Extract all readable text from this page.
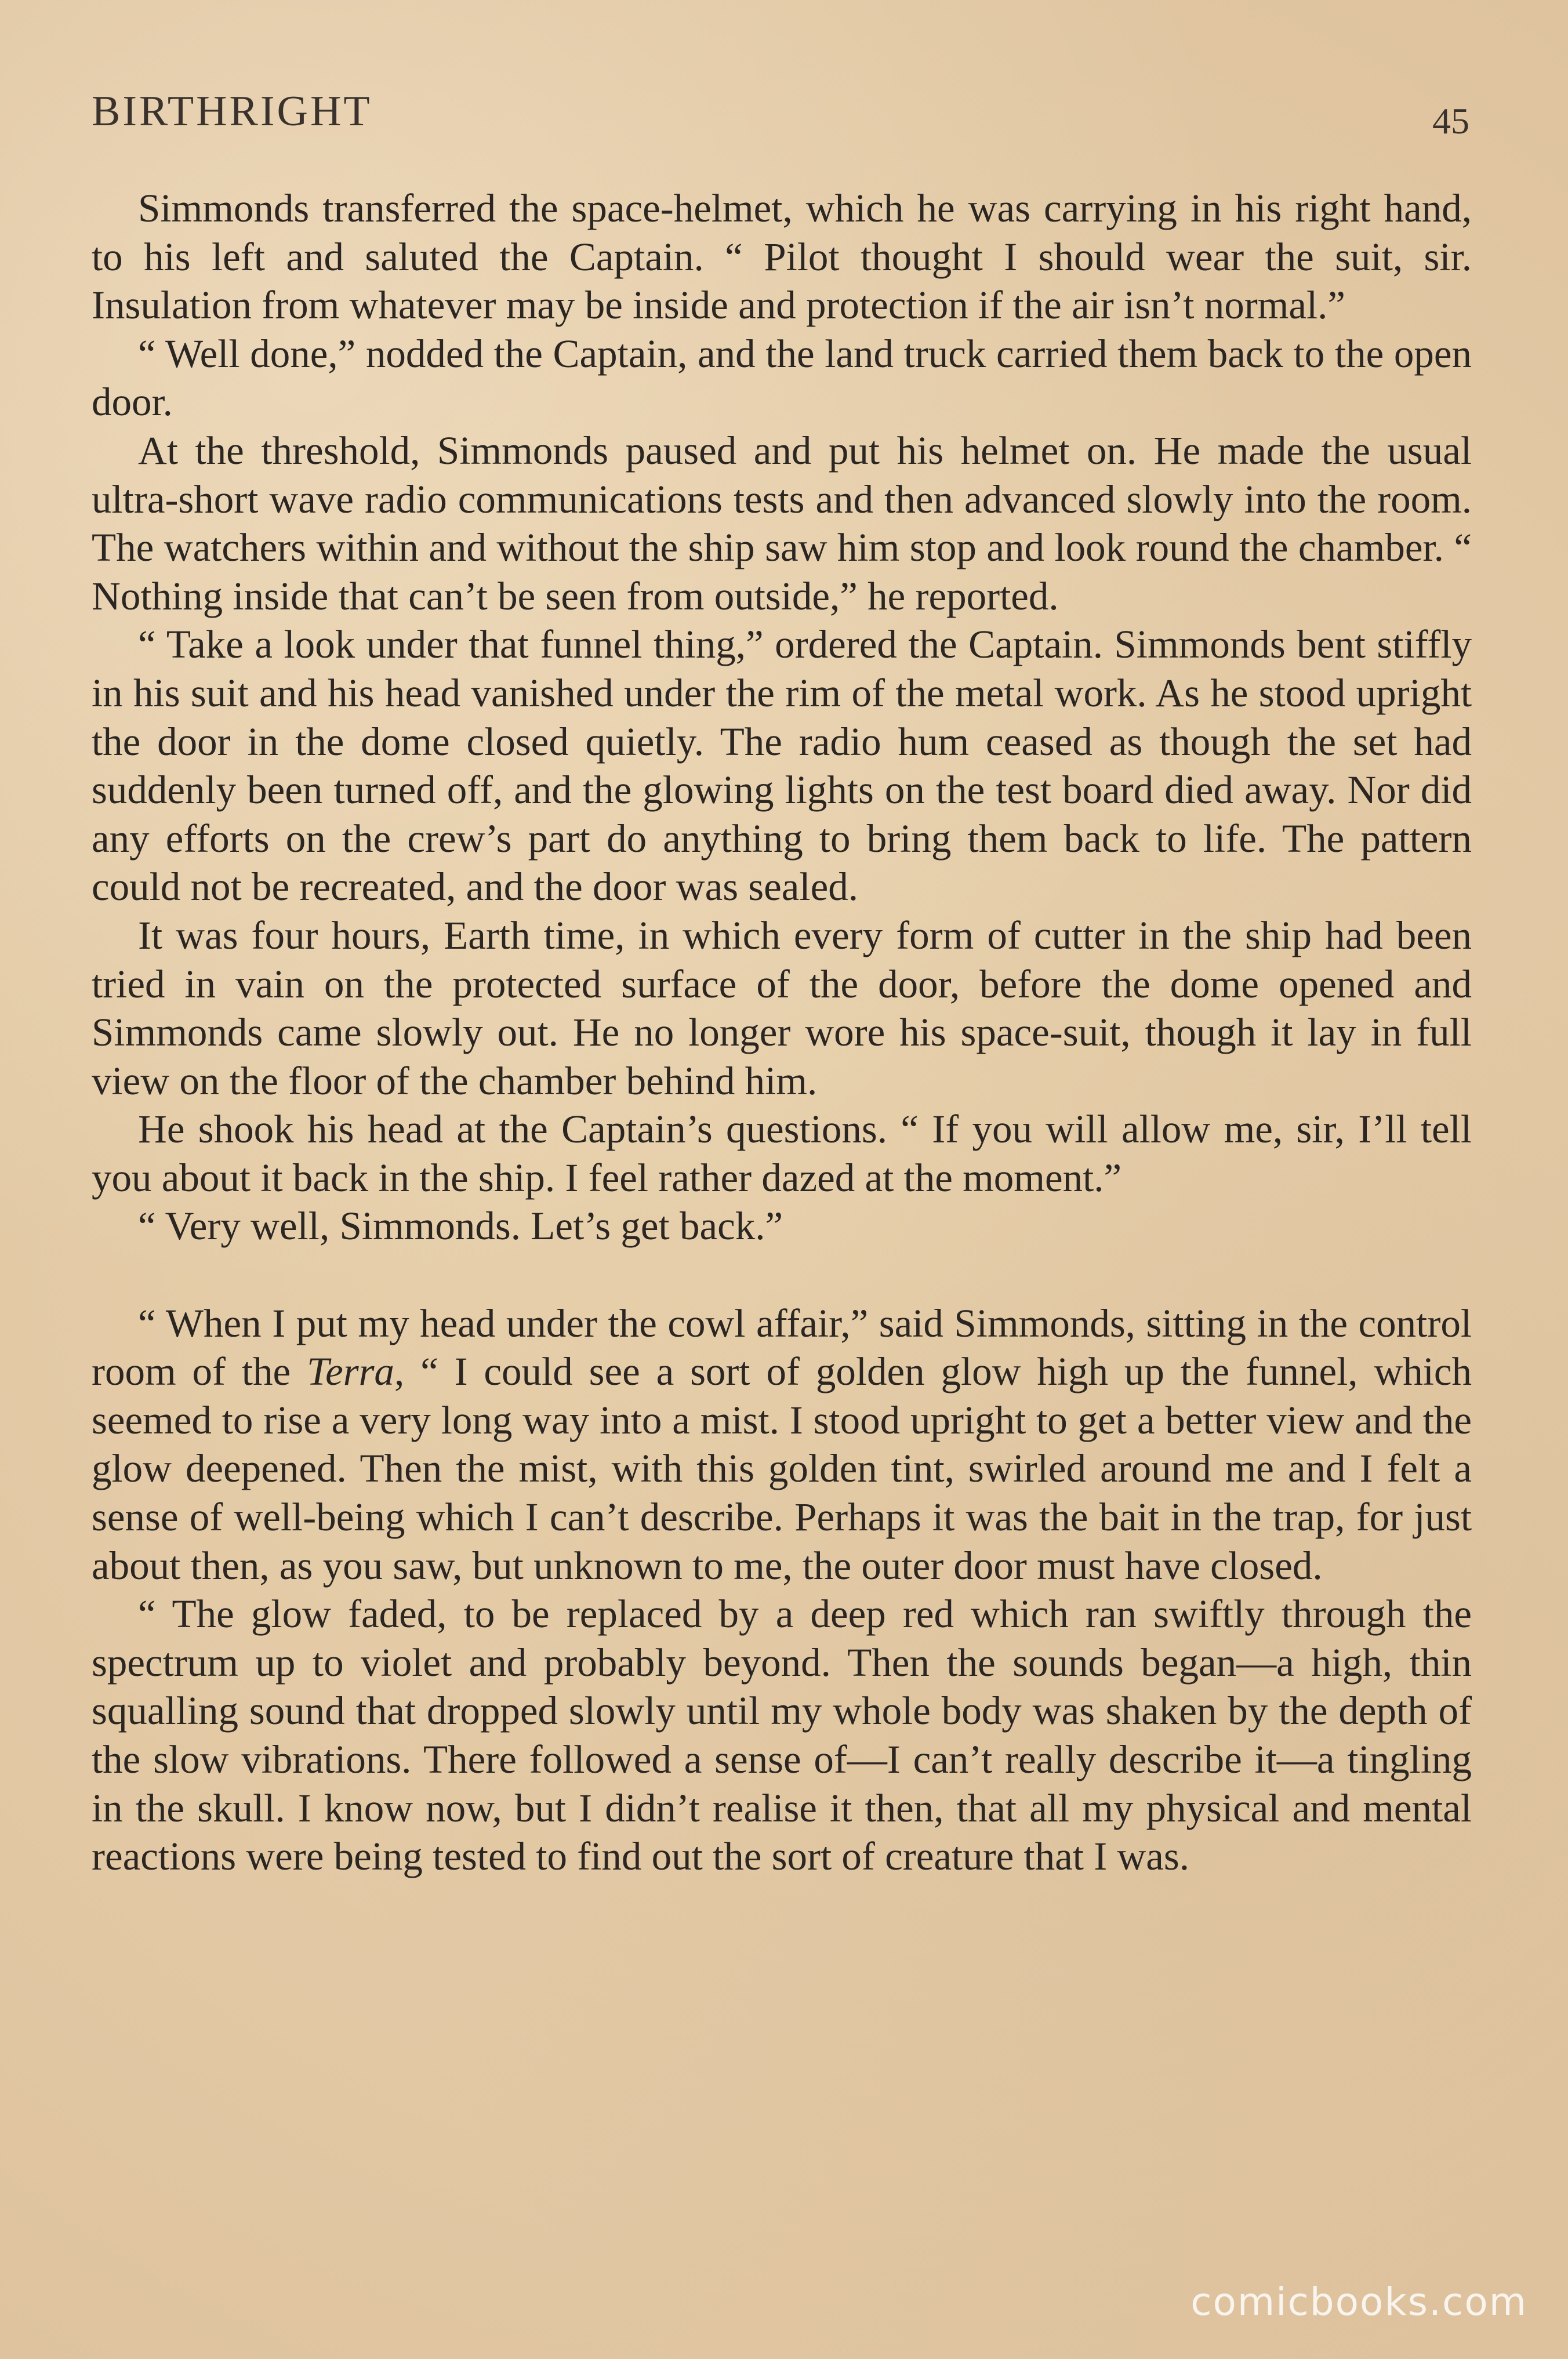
BIRTHRIGHT	45

Simmonds transferred the space-helmet, which he was carrying in his right hand, to his left and saluted the Captain. “ Pilot thought I should wear the suit, sir. Insulation from whatever may be inside and protection if the air isn’t normal.”

“ Well done,” nodded the Captain, and the land truck carried them back to the open door.

At the threshold, Simmonds paused and put his helmet on. He made the usual ultra-short wave radio communications tests and then advanced slowly into the room. The watchers within and without the ship saw him stop and look round the chamber. “ Nothing inside that can’t be seen from outside,” he reported.

“ Take a look under that funnel thing,” ordered the Captain. Simmonds bent stiffly in his suit and his head vanished under the rim of the metal work. As he stood upright the door in the dome closed quietly. The radio hum ceased as though the set had suddenly been turned off, and the glowing lights on the test board died away. Nor did any efforts on the crew’s part do anything to bring them back to life. The pattern could not be recreated, and the door was sealed.

It was four hours, Earth time, in which every form of cutter in the ship had been tried in vain on the protected surface of the door, before the dome opened and Simmonds came slowly out. He no longer wore his space-suit, though it lay in full view on the floor of the chamber behind him.

He shook his head at the Captain’s questions. “ If you will allow me, sir, I’ll tell you about it back in the ship. I feel rather dazed at the moment.”

“ Very well, Simmonds. Let’s get back.”

“ When I put my head under the cowl affair,” said Simmonds, sitting in the control room of the Terra, “ I could see a sort of golden glow high up the funnel, which seemed to rise a very long way into a mist. I stood upright to get a better view and the glow deepened. Then the mist, with this golden tint, swirled around me and I felt a sense of well-being which I can’t describe. Perhaps it was the bait in the trap, for just about then, as you saw, but unknown to me, the outer door must have closed.

“ The glow faded, to be replaced by a deep red which ran swiftly through the spectrum up to violet and probably beyond. Then the sounds began—a high, thin squalling sound that dropped slowly until my whole body was shaken by the depth of the slow vibrations. There followed a sense of—I can’t really describe it—a tingling in the skull. I know now, but I didn’t realise it then, that all my physical and mental reactions were being tested to find out the sort of creature that I was.

comicbooks.com
